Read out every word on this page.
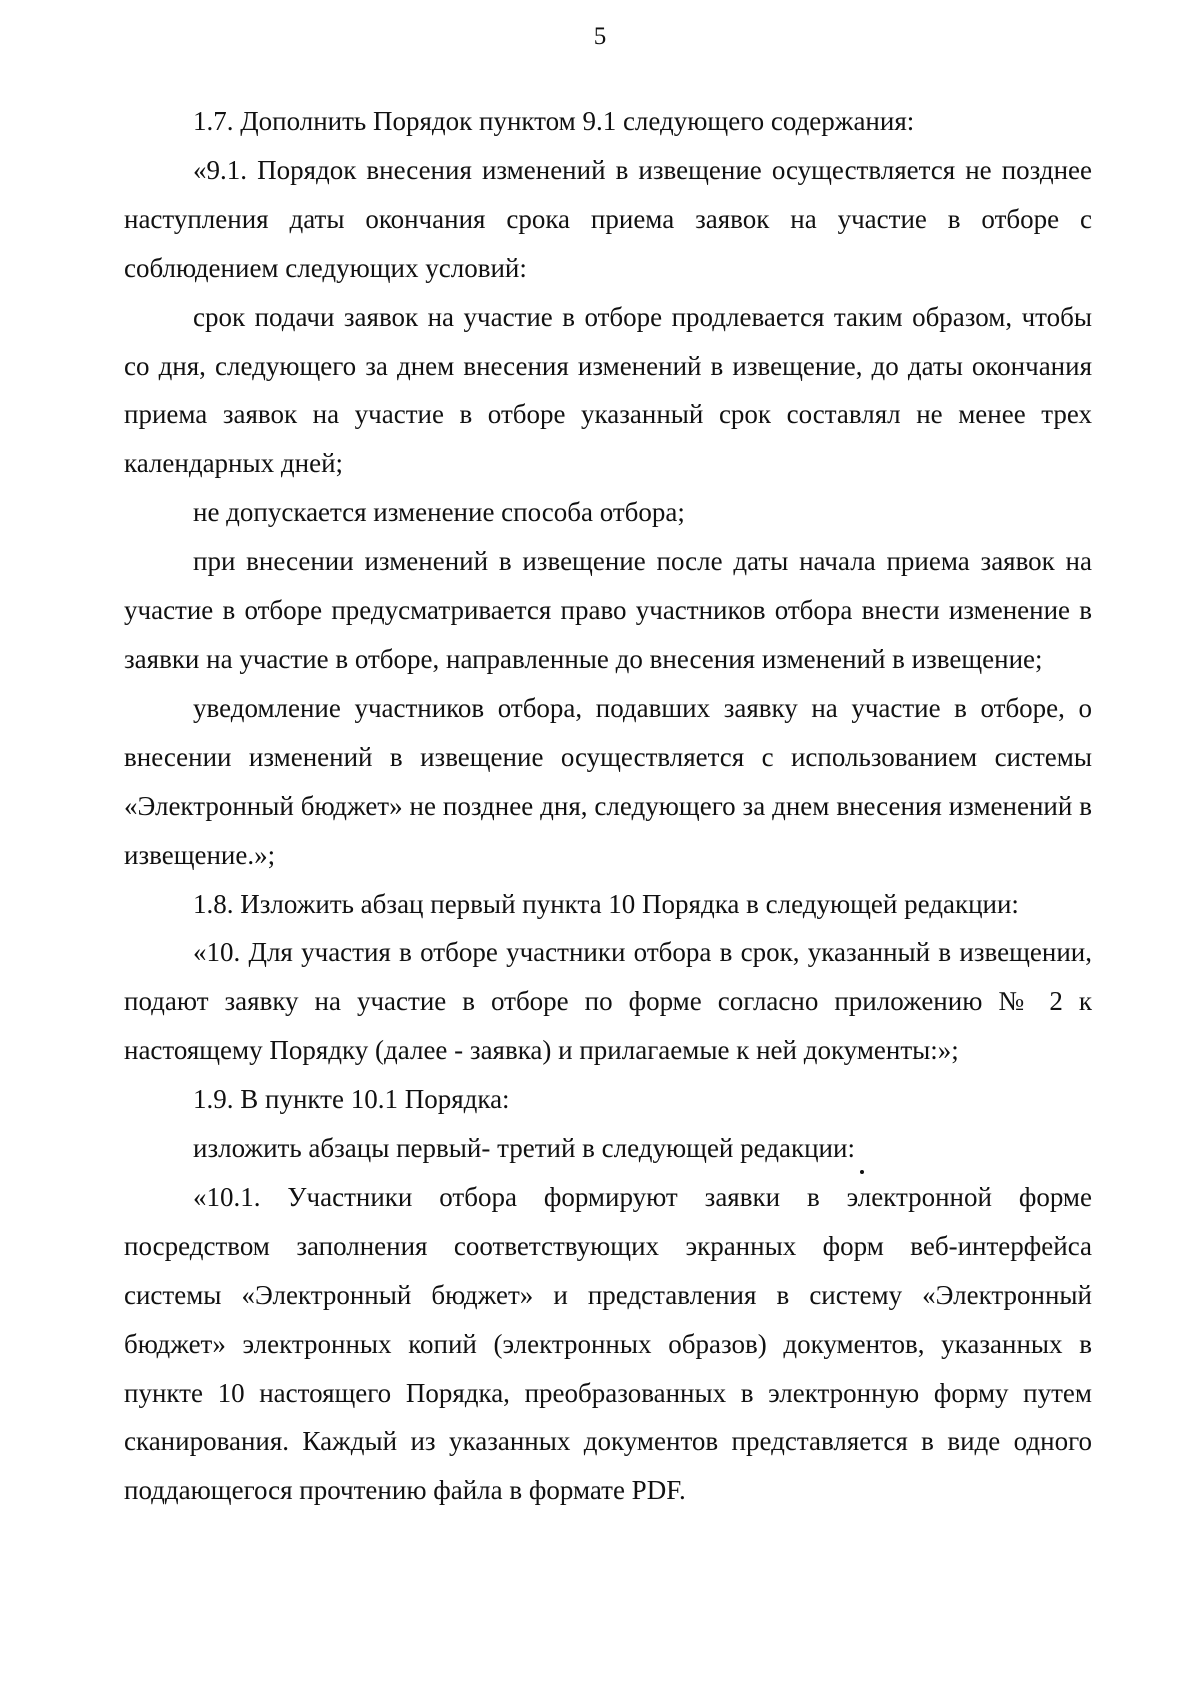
5

1.7. Дополнить Порядок пунктом 9.1 следующего содержания:

«9.1. Порядок внесения изменений в извещение осуществляется не позднее наступления даты окончания срока приема заявок на участие в отборе с соблюдением следующих условий:

срок подачи заявок на участие в отборе продлевается таким образом, чтобы со дня, следующего за днем внесения изменений в извещение, до даты окончания приема заявок на участие в отборе указанный срок составлял не менее трех календарных дней;

не допускается изменение способа отбора;

при внесении изменений в извещение после даты начала приема заявок на участие в отборе предусматривается право участников отбора внести изменение в заявки на участие в отборе, направленные до внесения изменений в извещение;

уведомление участников отбора, подавших заявку на участие в отборе, о внесении изменений в извещение осуществляется с использованием системы «Электронный бюджет» не позднее дня, следующего за днем внесения изменений в извещение.»;

1.8. Изложить абзац первый пункта 10 Порядка в следующей редакции:

«10. Для участия в отборе участники отбора в срок, указанный в извещении, подают заявку на участие в отборе по форме согласно приложению № 2 к настоящему Порядку (далее - заявка) и прилагаемые к ней документы:»;

1.9. В пункте 10.1 Порядка:

изложить абзацы первый- третий в следующей редакции:

«10.1. Участники отбора формируют заявки в электронной форме посредством заполнения соответствующих экранных форм веб-интерфейса системы «Электронный бюджет» и представления в систему «Электронный бюджет» электронных копий (электронных образов) документов, указанных в пункте 10 настоящего Порядка, преобразованных в электронную форму путем сканирования. Каждый из указанных документов представляется в виде одного поддающегося прочтению файла в формате PDF.
